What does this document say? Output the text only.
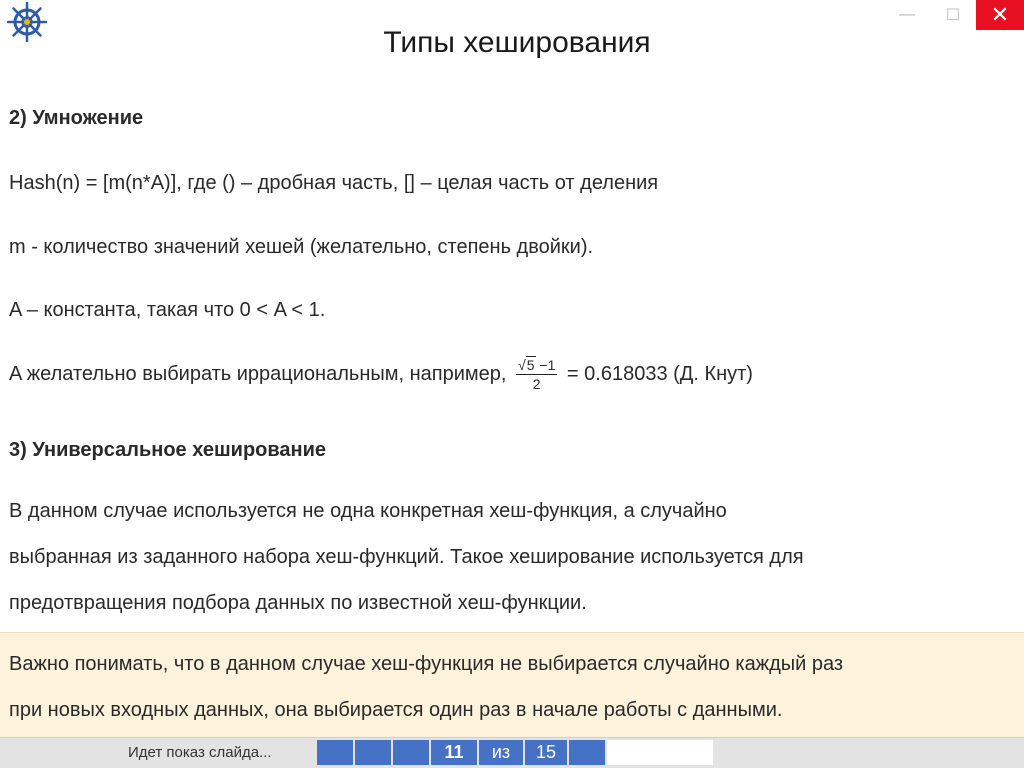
—	☐	✕
Типы хеширования
2) Умножение
Hash(n) = [m(n*A)], где () – дробная часть, [] – целая часть от деления
m - количество значений хешей (желательно, степень двойки).
A – константа, такая что 0 < A < 1.
A желательно выбирать иррациональным, например, $\frac{√5 -1}{2} = 0.618033$ (Д. Кнут)
3) Универсальное хеширование
В данном случае используется не одна конкретная хеш-функция, а случайно
выбранная из заданного набора хеш-функций. Такое хеширование используется для
предотвращения подбора данных по известной хеш-функции.
Важно понимать, что в данном случае хеш-функция не выбирается случайно каждый раз
при новых входных данных, она выбирается один раз в начале работы с данными.
Идет показ слайда...	11	из	15
